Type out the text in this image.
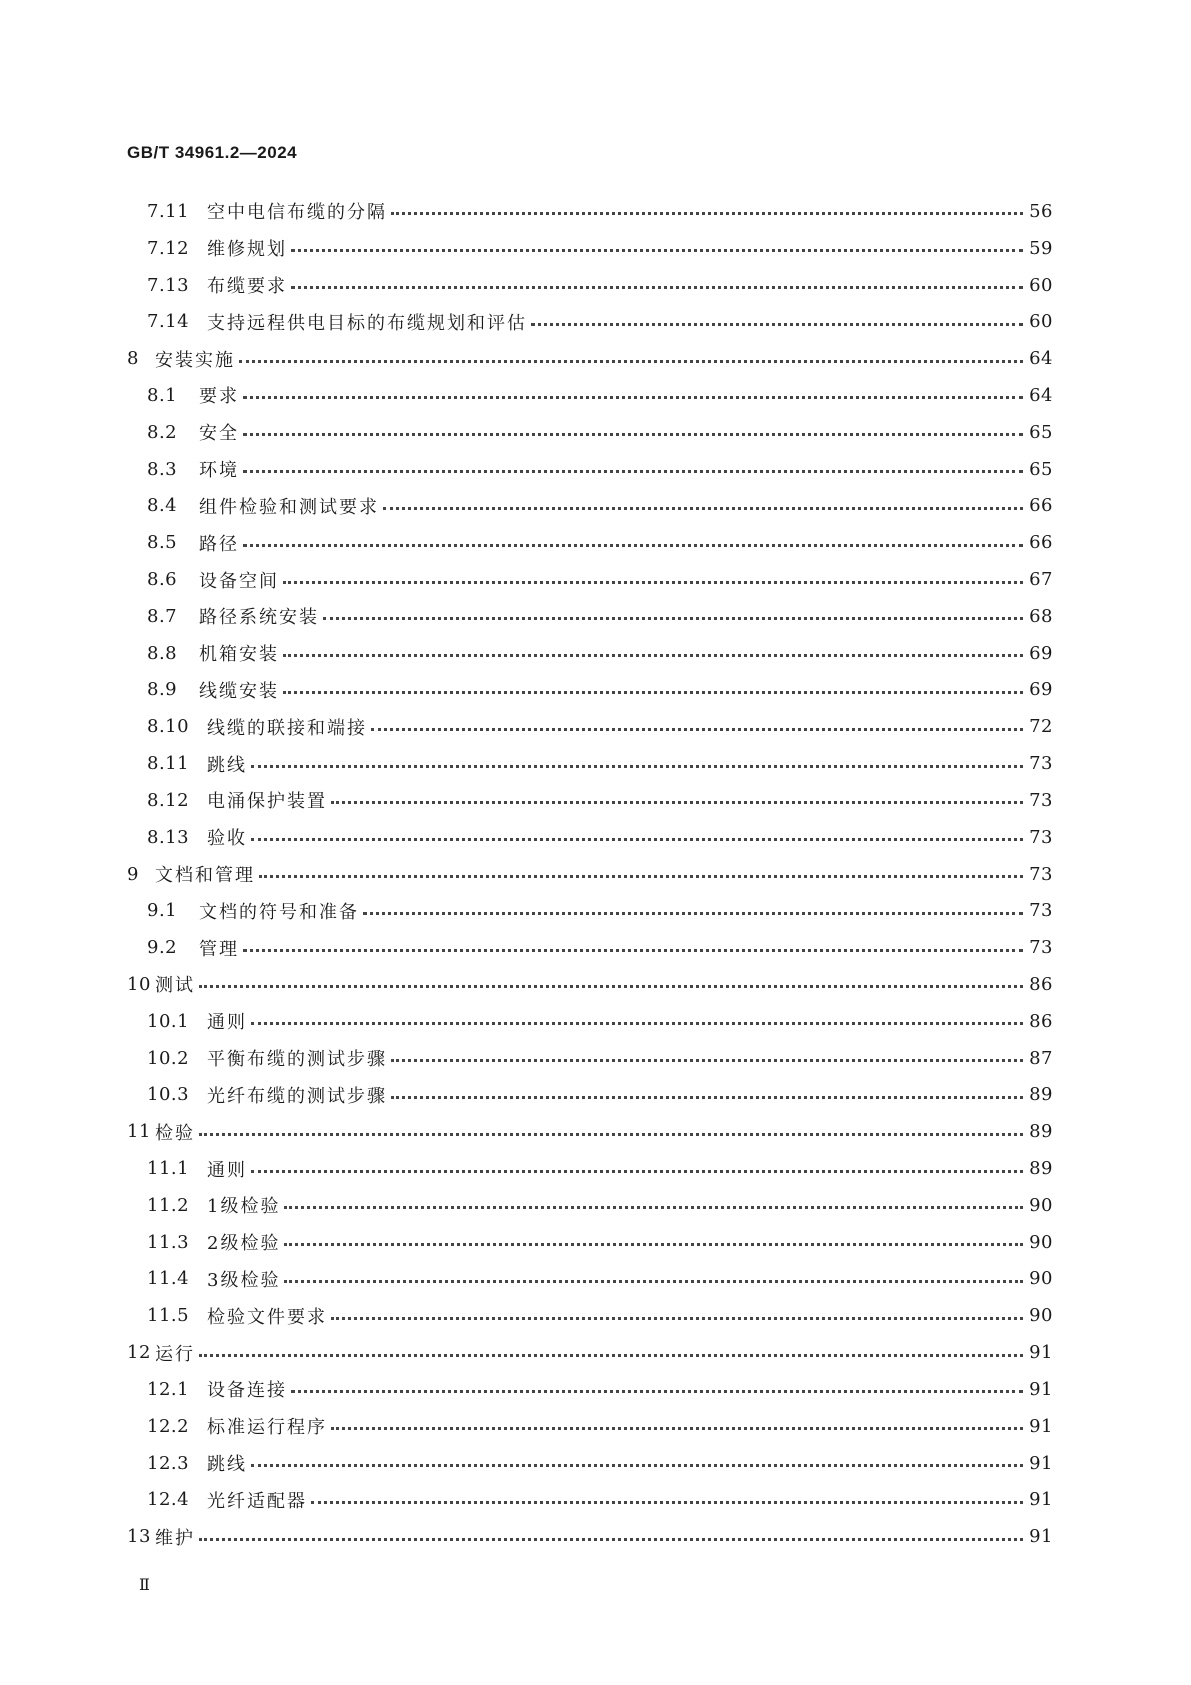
GB/T 34961.2—2024
7.11 空中电信布缆的分隔	56
7.12 维修规划	59
7.13 布缆要求	60
7.14 支持远程供电目标的布缆规划和评估	60
8 安装实施	64
8.1	要求	64
8.2	安全	65
8.3	环境	65
8.4	组件检验和测试要求	66
8.5	路径	66
8.6	设备空间	67
8.7	路径系统安装	68
8.8	机箱安装	69
8.9	线缆安装	69
8.10 线缆的联接和端接	72
8.11 跳线	73
8.12 电涌保护装置	73
8.13 验收	73
9 文档和管理	73
9.1	文档的符号和准备	73
9.2	管理	73
10 测试	86
10.1 通则	86
10.2 平衡布缆的测试步骤	87
10.3 光纤布缆的测试步骤	89
11 检验	89
11.1 通则	89
11.2 1级检验	90
11.3 2级检验	90
11.4 3级检验	90
11.5 检验文件要求	90
12 运行	91
12.1 设备连接	91
12.2 标准运行程序	91
12.3 跳线	91
12.4 光纤适配器	91
13 维护	91
Ⅱ
